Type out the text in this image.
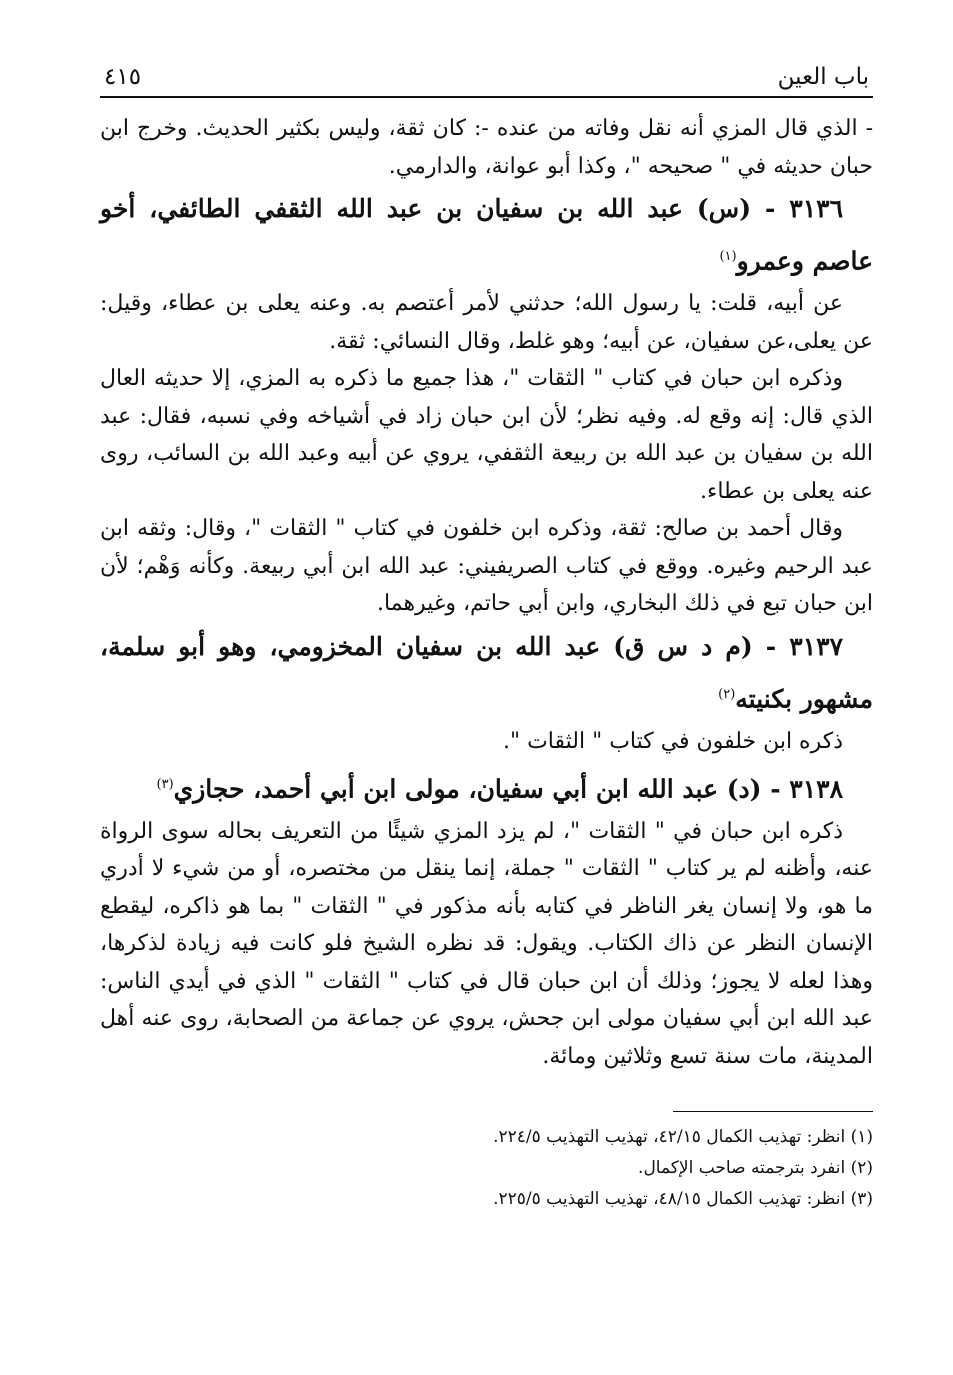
باب العين
٤١٥

- الذي قال المزي أنه نقل وفاته من عنده -: كان ثقة، وليس بكثير الحديث. وخرج ابن حبان حديثه في " صحيحه "، وكذا أبو عوانة، والدارمي.

٣١٣٦ - (س) عبد الله بن سفيان بن عبد الله الثقفي الطائفي، أخو عاصم وعمرو$^{(١)}$

عن أبيه، قلت: يا رسول الله؛ حدثني لأمر أعتصم به. وعنه يعلى بن عطاء، وقيل: عن يعلى،عن سفيان، عن أبيه؛ وهو غلط، وقال النسائي: ثقة.

وذكره ابن حبان في كتاب " الثقات "، هذا جميع ما ذكره به المزي، إلا حديثه العال الذي قال: إنه وقع له. وفيه نظر؛ لأن ابن حبان زاد في أشياخه وفي نسبه، فقال: عبد الله بن سفيان بن عبد الله بن ربيعة الثقفي، يروي عن أبيه وعبد الله بن السائب، روى عنه يعلى بن عطاء.

وقال أحمد بن صالح: ثقة، وذكره ابن خلفون في كتاب " الثقات "، وقال: وثقه ابن عبد الرحيم وغيره. ووقع في كتاب الصريفيني: عبد الله ابن أبي ربيعة. وكأنه وَهْم؛ لأن ابن حبان تبع في ذلك البخاري، وابن أبي حاتم، وغيرهما.

٣١٣٧ - (م د س ق) عبد الله بن سفيان المخزومي، وهو أبو سلمة، مشهور بكنيته$^{(٢)}$

ذكره ابن خلفون في كتاب " الثقات ".

٣١٣٨ - (د) عبد الله ابن أبي سفيان، مولى ابن أبي أحمد، حجازي$^{(٣)}$

ذكره ابن حبان في " الثقات "، لم يزد المزي شيئًا من التعريف بحاله سوى الرواة عنه، وأظنه لم ير كتاب " الثقات " جملة، إنما ينقل من مختصره، أو من شيء لا أدري ما هو، ولا إنسان يغر الناظر في كتابه بأنه مذكور في " الثقات " بما هو ذاكره، ليقطع الإنسان النظر عن ذاك الكتاب. ويقول: قد نظره الشيخ فلو كانت فيه زيادة لذكرها، وهذا لعله لا يجوز؛ وذلك أن ابن حبان قال في كتاب " الثقات " الذي في أيدي الناس: عبد الله ابن أبي سفيان مولى ابن جحش، يروي عن جماعة من الصحابة، روى عنه أهل المدينة، مات سنة تسع وثلاثين ومائة.

(١) انظر: تهذيب الكمال ٤٢/١٥، تهذيب التهذيب ٢٢٤/٥.

(٢) انفرد بترجمته صاحب الإكمال.

(٣) انظر: تهذيب الكمال ٤٨/١٥، تهذيب التهذيب ٢٢٥/٥.
